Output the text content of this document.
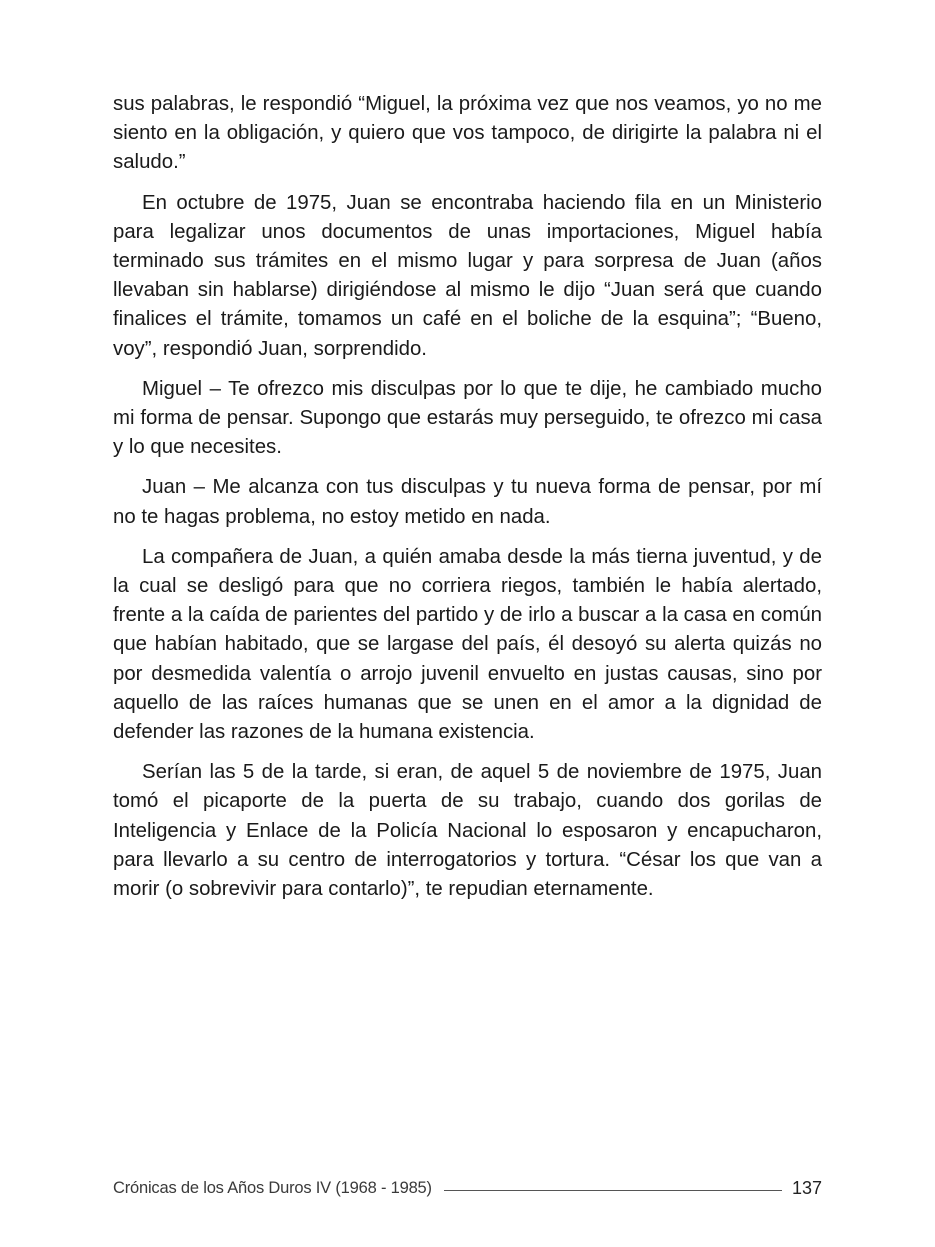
sus palabras, le respondió “Miguel, la próxima vez que nos veamos, yo no me siento en la obligación, y quiero que vos tampoco, de dirigirte la palabra ni el saludo.”

En octubre de 1975, Juan se encontraba haciendo fila en un Ministerio para legalizar unos documentos de unas importaciones, Miguel había terminado sus trámites en el mismo lugar y para sorpresa de Juan (años llevaban sin hablarse) dirigiéndose al mismo le dijo “Juan será que cuando finalices el trámite, tomamos un café en el boliche de la esquina”; “Bueno, voy”, respondió Juan, sorprendido.

Miguel – Te ofrezco mis disculpas por lo que te dije, he cambiado mucho mi forma de pensar. Supongo que estarás muy perseguido, te ofrezco mi casa y lo que necesites.

Juan – Me alcanza con tus disculpas y tu nueva forma de pensar, por mí no te hagas problema, no estoy metido en nada.

La compañera de Juan, a quién amaba desde la más tierna juventud, y de la cual se desligó para que no corriera riegos, también le había alertado, frente a la caída de parientes del partido y de irlo a buscar a la casa en común que habían habitado, que se largase del país, él desoyó su alerta quizás no por desmedida valentía o arrojo juvenil envuelto en justas causas, sino por aquello de las raíces humanas que se unen en el amor a la dignidad de defender las razones de la humana existencia.

Serían las 5 de la tarde, si eran, de aquel 5 de noviembre de 1975, Juan tomó el picaporte de la puerta de su trabajo, cuando dos gorilas de Inteligencia y Enlace de la Policía Nacional lo esposaron y encapucharon, para llevarlo a su centro de interrogatorios y tortura. “César los que van a morir (o sobrevivir para contarlo)”, te repudian eternamente.

Crónicas de los Años Duros IV (1968 - 1985)	137
